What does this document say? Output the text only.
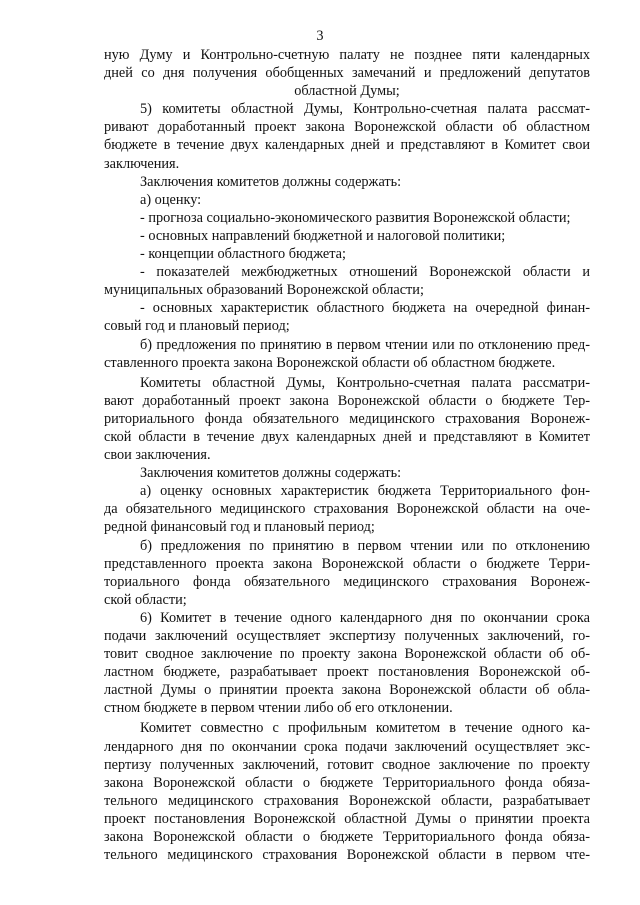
3
ную Думу и Контрольно-счетную палату не позднее пяти календарных
дней со дня получения обобщенных замечаний и предложений депутатов
областной Думы;
5) комитеты областной Думы, Контрольно-счетная палата рассмат-
ривают доработанный проект закона Воронежской области об областном
бюджете в течение двух календарных дней и представляют в Комитет свои
заключения.
Заключения комитетов должны содержать:
а) оценку:
- прогноза социально-экономического развития Воронежской области;
- основных направлений бюджетной и налоговой политики;
- концепции областного бюджета;
- показателей межбюджетных отношений Воронежской области и
муниципальных образований Воронежской области;
- основных характеристик областного бюджета на очередной финан-
совый год и плановый период;
б) предложения по принятию в первом чтении или по отклонению пред-
ставленного проекта закона Воронежской области об областном бюджете.
Комитеты областной Думы, Контрольно-счетная палата рассматри-
вают доработанный проект закона Воронежской области о бюджете Тер-
риториального фонда обязательного медицинского страхования Воронеж-
ской области в течение двух календарных дней и представляют в Комитет
свои заключения.
Заключения комитетов должны содержать:
а) оценку основных характеристик бюджета Территориального фон-
да обязательного медицинского страхования Воронежской области на оче-
редной финансовый год и плановый период;
б) предложения по принятию в первом чтении или по отклонению
представленного проекта закона Воронежской области о бюджете Терри-
ториального фонда обязательного медицинского страхования Воронеж-
ской области;
6) Комитет в течение одного календарного дня по окончании срока
подачи заключений осуществляет экспертизу полученных заключений, го-
товит сводное заключение по проекту закона Воронежской области об об-
ластном бюджете, разрабатывает проект постановления Воронежской об-
ластной Думы о принятии проекта закона Воронежской области об обла-
стном бюджете в первом чтении либо об его отклонении.
Комитет совместно с профильным комитетом в течение одного ка-
лендарного дня по окончании срока подачи заключений осуществляет экс-
пертизу полученных заключений, готовит сводное заключение по проекту
закона Воронежской области о бюджете Территориального фонда обяза-
тельного медицинского страхования Воронежской области, разрабатывает
проект постановления Воронежской областной Думы о принятии проекта
закона Воронежской области о бюджете Территориального фонда обяза-
тельного медицинского страхования Воронежской области в первом чте-
